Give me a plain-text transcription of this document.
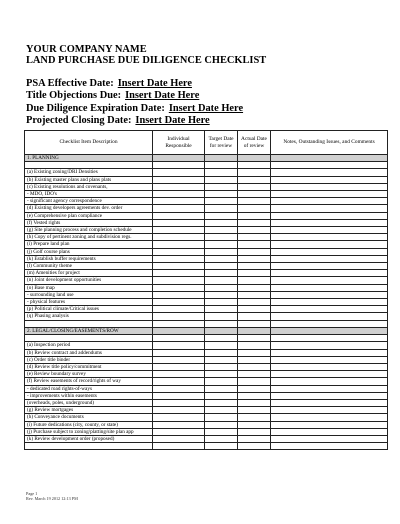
YOUR COMPANY NAME
LAND PURCHASE DUE DILIGENCE CHECKLIST
PSA Effective Date: Insert Date Here
Title Objections Due: Insert Date Here
Due Diligence Expiration Date: Insert Date Here
Projected Closing Date: Insert Date Here
Checklist Item Description	Individual Responsible	Target Date for review	Actual Date of review	Notes, Outstanding Issues, and Comments
1. PLANNING				

(a) Existing zoning/DRI Densities				
(b) Existing master plans and plans plats				
(c) Existing resolutions and covenants,				
- MDO, IDO's				
- significant agency correspondence				
(d) Existing developers agreements dev. order				
(e) Comprehensive plan compliance				
(f) Vested rights				
(g) Site planning process and completion schedule				
(h) Copy of pertinent zoning and subdivision regs.				
(i) Prepare land plan				
(j) Golf course plans				
(k) Establish buffer requirements				
(l) Community theme				
(m) Amenities for project				
(n) Joint development opportunities				
(o) Base map				
- surrounding land use				
- physical features				
(p) Political climate/Critical issues				
(q) Phasing analysis				

2. LEGAL/CLOSING/EASEMENTS/ROW				

(a) Inspection period				
(b) Review contract and addendums				
(c) Order title binder				
(d) Review title policy/commitment				
(e) Review boundary survey				
(f) Review easements of record/rights of way				
- dedicated road rights-of-ways				
- improvements within easements				
(overheads, poles, underground)				
(g) Review mortgages				
(h) Conveyance documents				
(i) Future dedications (city, county, or state)				
(j) Purchase subject to zoning/platting/site plan app				
(k) Review development order (proposed)				

Page 1
Rev. March 19 2012 12:13 PM
